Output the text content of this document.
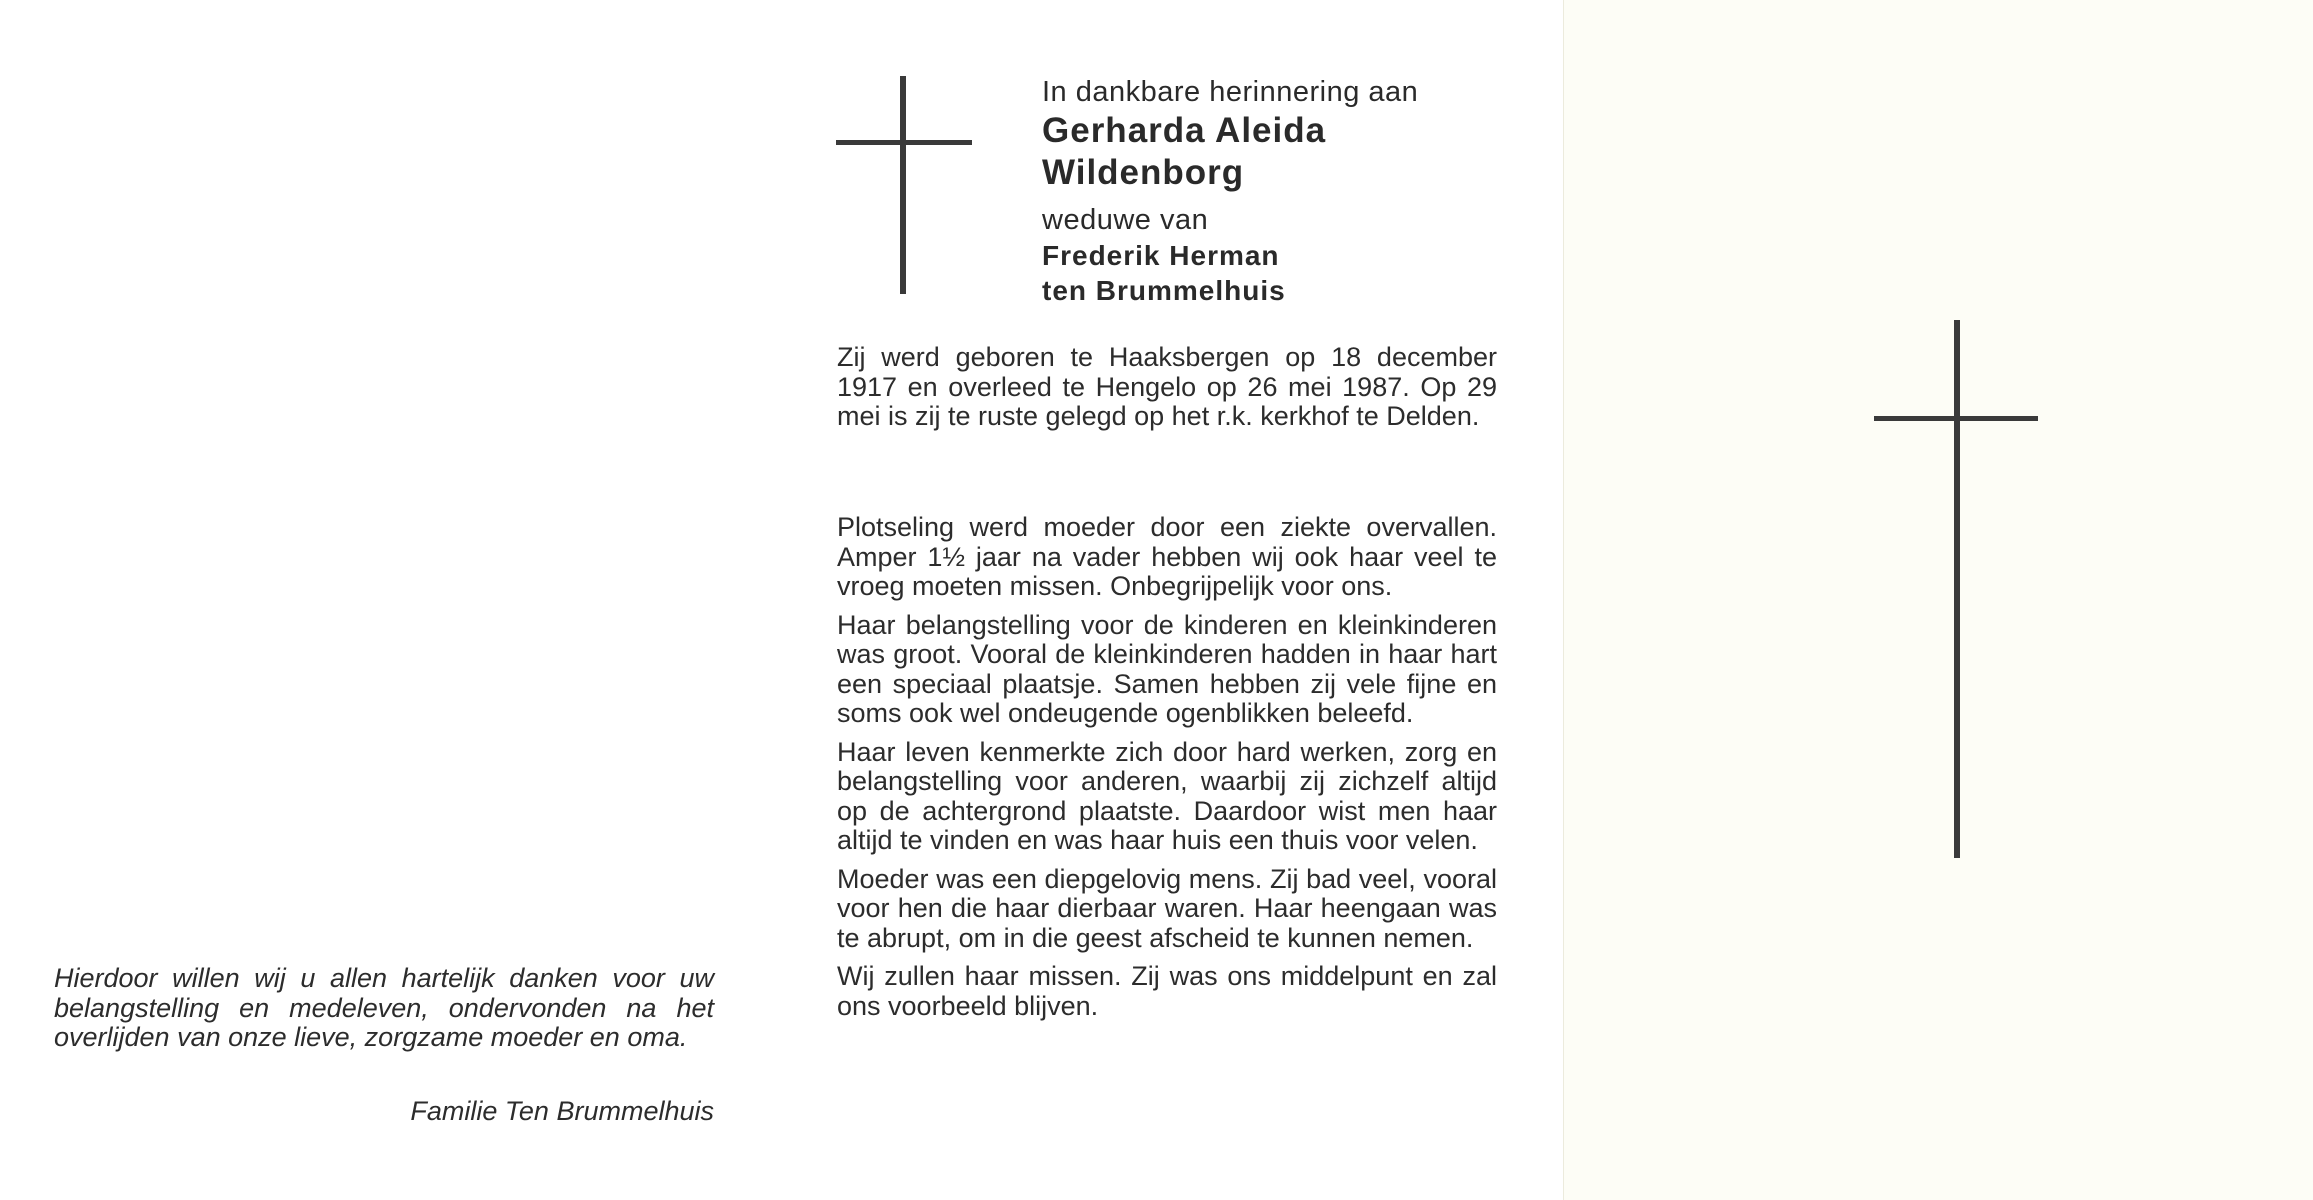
In dankbare herinnering aan
Gerharda Aleida
Wildenborg
weduwe van
Frederik Herman
ten Brummelhuis
Zij werd geboren te Haaksbergen op 18 december 1917 en overleed te Hengelo op 26 mei 1987. Op 29 mei is zij te ruste gelegd op het r.k. kerkhof te Delden.

Plotseling werd moeder door een ziekte overvallen. Amper 1½ jaar na vader hebben wij ook haar veel te vroeg moeten missen. Onbegrijpelijk voor ons.

Haar belangstelling voor de kinderen en kleinkinderen was groot. Vooral de kleinkinderen hadden in haar hart een speciaal plaatsje. Samen hebben zij vele fijne en soms ook wel ondeugende ogenblikken beleefd.

Haar leven kenmerkte zich door hard werken, zorg en belangstelling voor anderen, waarbij zij zichzelf altijd op de achtergrond plaatste. Daardoor wist men haar altijd te vinden en was haar huis een thuis voor velen.

Moeder was een diepgelovig mens. Zij bad veel, vooral voor hen die haar dierbaar waren. Haar heengaan was te abrupt, om in die geest afscheid te kunnen nemen.

Wij zullen haar missen. Zij was ons middelpunt en zal ons voorbeeld blijven.

Hierdoor willen wij u allen hartelijk danken voor uw belangstelling en medeleven, ondervonden na het overlijden van onze lieve, zorgzame moeder en oma.
Familie Ten Brummelhuis
